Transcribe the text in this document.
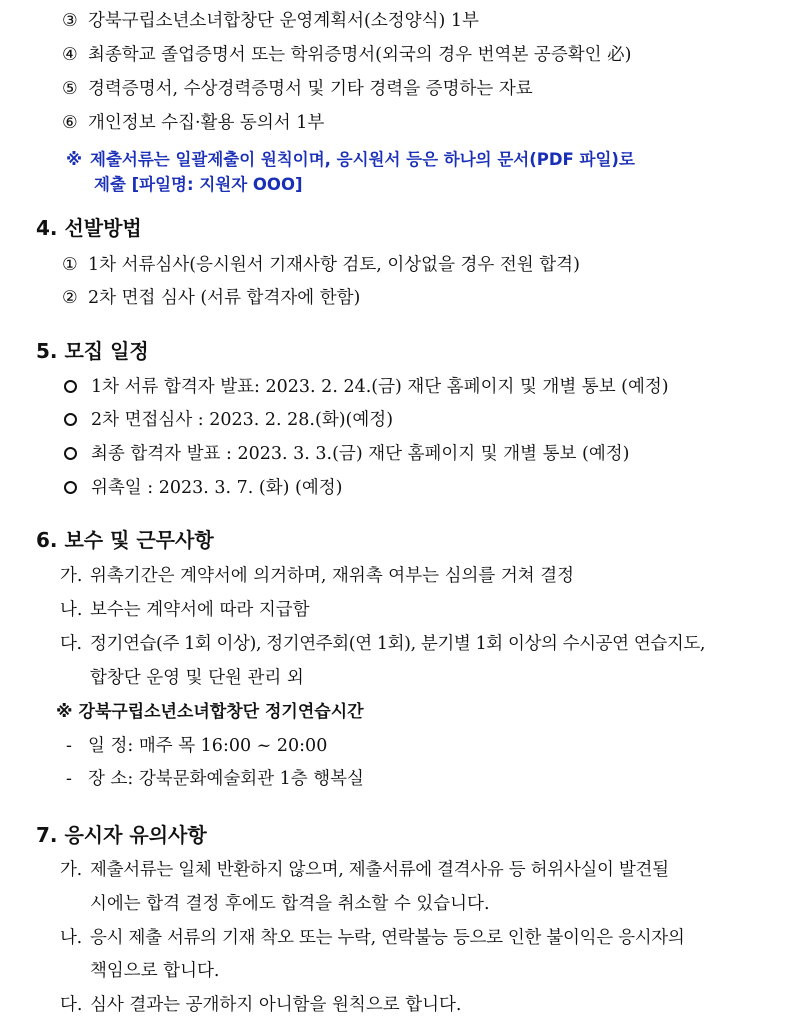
③ 강북구립소년소녀합창단 운영계획서(소정양식) 1부
④ 최종학교 졸업증명서 또는 학위증명서(외국의 경우 번역본 공증확인 必)
⑤ 경력증명서, 수상경력증명서 및 기타 경력을 증명하는 자료
⑥ 개인정보 수집·활용 동의서 1부
※ 제출서류는 일괄제출이 원칙이며, 응시원서 등은 하나의 문서(PDF 파일)로
제출 [파일명: 지원자 OOO]
4. 선발방법
① 1차 서류심사(응시원서 기재사항 검토, 이상없을 경우 전원 합격)
② 2차 면접 심사 (서류 합격자에 한함)
5. 모집 일정
1차 서류 합격자 발표: 2023. 2. 24.(금) 재단 홈페이지 및 개별 통보 (예정)
2차 면접심사 : 2023. 2. 28.(화)(예정)
최종 합격자 발표 : 2023. 3. 3.(금) 재단 홈페이지 및 개별 통보 (예정)
위촉일 : 2023. 3. 7. (화) (예정)
6. 보수 및 근무사항
가. 위촉기간은 계약서에 의거하며, 재위촉 여부는 심의를 거쳐 결정
나. 보수는 계약서에 따라 지급함
다. 정기연습(주 1회 이상), 정기연주회(연 1회), 분기별 1회 이상의 수시공연 연습지도,
합창단 운영 및 단원 관리 외
※ 강북구립소년소녀합창단 정기연습시간
- 일 정: 매주 목 16:00 ~ 20:00
- 장 소: 강북문화예술회관 1층 행복실
7. 응시자 유의사항
가. 제출서류는 일체 반환하지 않으며, 제출서류에 결격사유 등 허위사실이 발견될
시에는 합격 결정 후에도 합격을 취소할 수 있습니다.
나. 응시 제출 서류의 기재 착오 또는 누락, 연락불능 등으로 인한 불이익은 응시자의
책임으로 합니다.
다. 심사 결과는 공개하지 아니함을 원칙으로 합니다.
